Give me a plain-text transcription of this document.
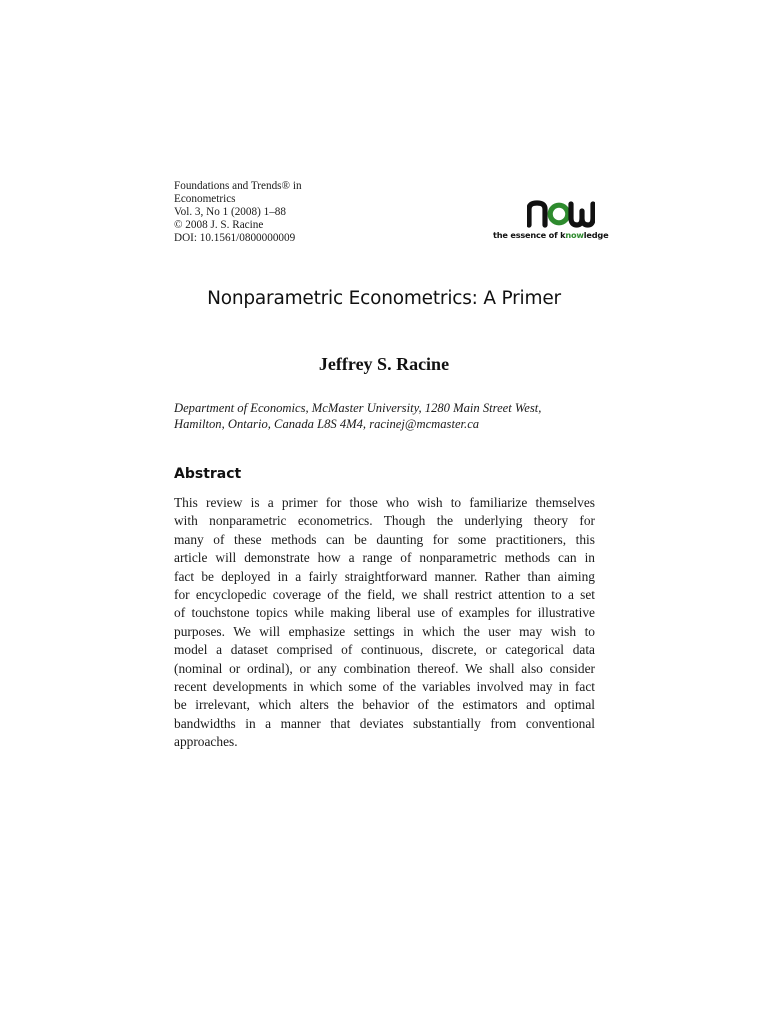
Foundations and Trends® in
Econometrics
Vol. 3, No 1 (2008) 1–88
© 2008 J. S. Racine
DOI: 10.1561/0800000009	the essence of knowledge
Nonparametric Econometrics: A Primer
Jeffrey S. Racine
Department of Economics, McMaster University, 1280 Main Street West,
Hamilton, Ontario, Canada L8S 4M4, racinej@mcmaster.ca
Abstract
This review is a primer for those who wish to familiarize themselves
with nonparametric econometrics. Though the underlying theory for
many of these methods can be daunting for some practitioners, this
article will demonstrate how a range of nonparametric methods can in
fact be deployed in a fairly straightforward manner. Rather than aiming
for encyclopedic coverage of the field, we shall restrict attention to a set
of touchstone topics while making liberal use of examples for illustrative
purposes. We will emphasize settings in which the user may wish to
model a dataset comprised of continuous, discrete, or categorical data
(nominal or ordinal), or any combination thereof. We shall also consider
recent developments in which some of the variables involved may in fact
be irrelevant, which alters the behavior of the estimators and optimal
bandwidths in a manner that deviates substantially from conventional
approaches.
